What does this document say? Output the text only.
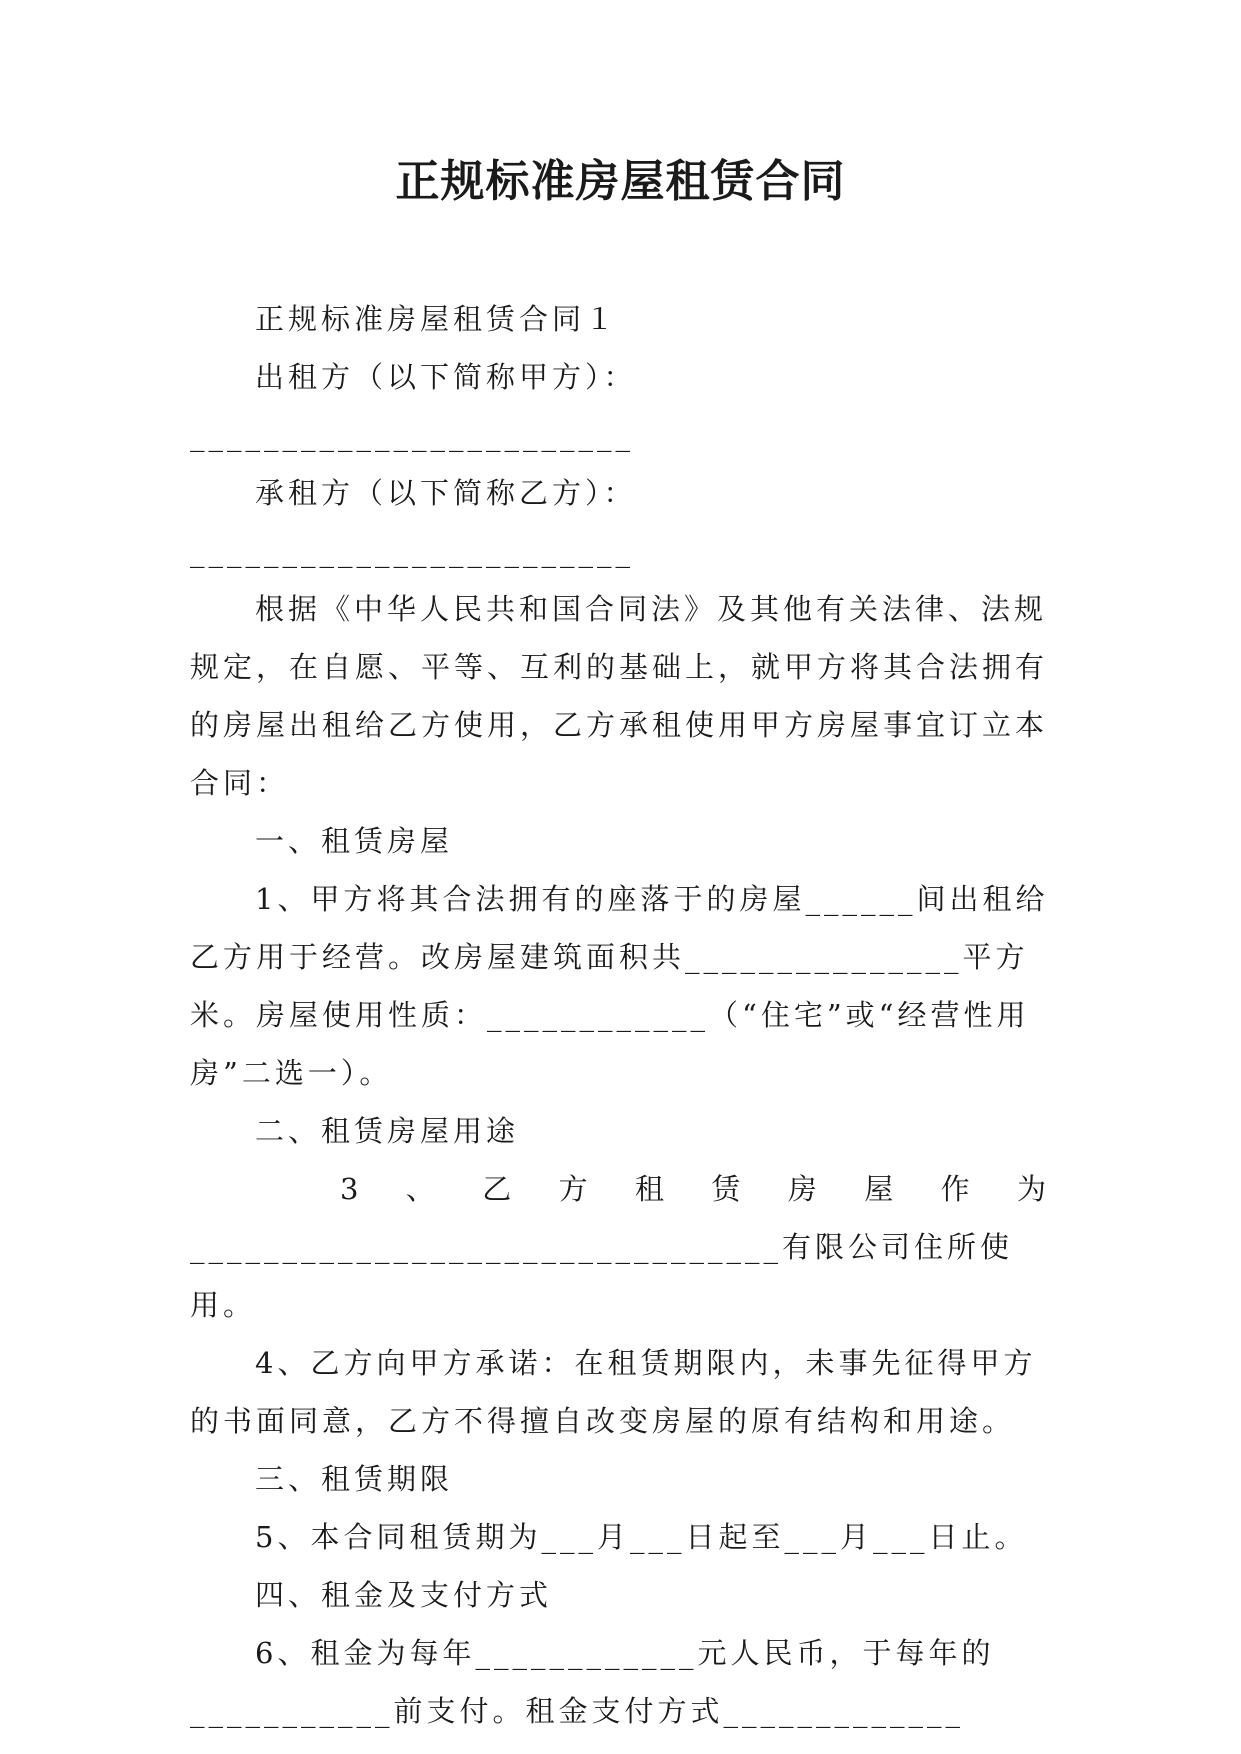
正规标准房屋租赁合同

正规标准房屋租赁合同１

出租方（以下简称甲方）：________________________

承租方（以下简称乙方）：________________________

根据《中华人民共和国合同法》及其他有关法律、法规规定，在自愿、平等、互利的基础上，就甲方将其合法拥有的房屋出租给乙方使用，乙方承租使用甲方房屋事宜订立本合同：

一、租赁房屋

1、甲方将其合法拥有的座落于的房屋______间出租给乙方用于经营。改房屋建筑面积共_______________平方米。房屋使用性质：____________（“住宅”或“经营性用房”二选一）。

二、租赁房屋用途

3、乙方租赁房屋作为

________________________________有限公司住所使用。

4、乙方向甲方承诺：在租赁期限内，未事先征得甲方的书面同意，乙方不得擅自改变房屋的原有结构和用途。

三、租赁期限

5、本合同租赁期为___月___日起至___月___日止。

四、租金及支付方式

6、租金为每年____________元人民币，于每年的___________前支付。租金支付方式_____________
